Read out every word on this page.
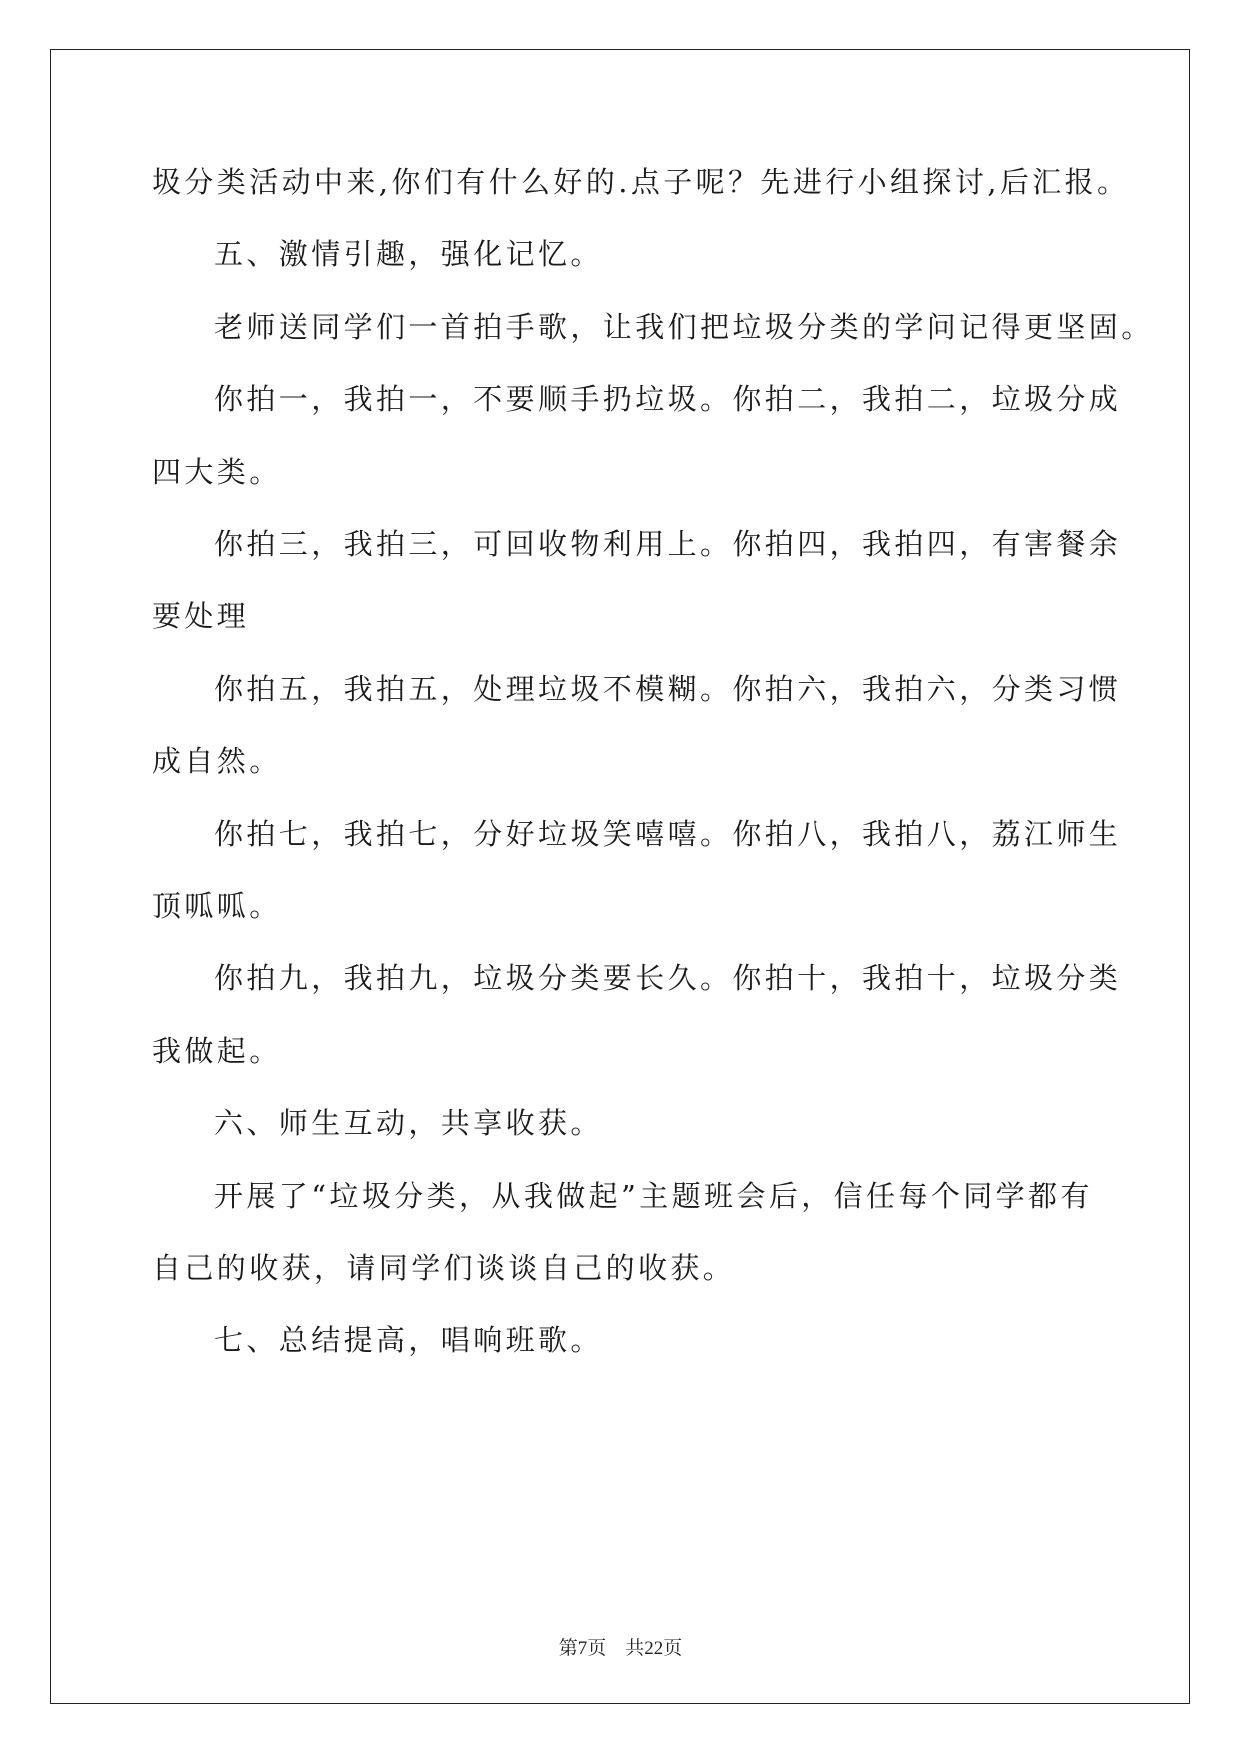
圾分类活动中来,你们有什么好的.点子呢？先进行小组探讨,后汇报。
五、激情引趣，强化记忆。
老师送同学们一首拍手歌，让我们把垃圾分类的学问记得更坚固。
你拍一，我拍一，不要顺手扔垃圾。你拍二，我拍二，垃圾分成
四大类。
你拍三，我拍三，可回收物利用上。你拍四，我拍四，有害餐余
要处理
你拍五，我拍五，处理垃圾不模糊。你拍六，我拍六，分类习惯
成自然。
你拍七，我拍七，分好垃圾笑嘻嘻。你拍八，我拍八，荔江师生
顶呱呱。
你拍九，我拍九，垃圾分类要长久。你拍十，我拍十，垃圾分类
我做起。
六、师生互动，共享收获。
开展了“垃圾分类，从我做起”主题班会后，信任每个同学都有
自己的收获，请同学们谈谈自己的收获。
七、总结提高，唱响班歌。
第7页　共22页
